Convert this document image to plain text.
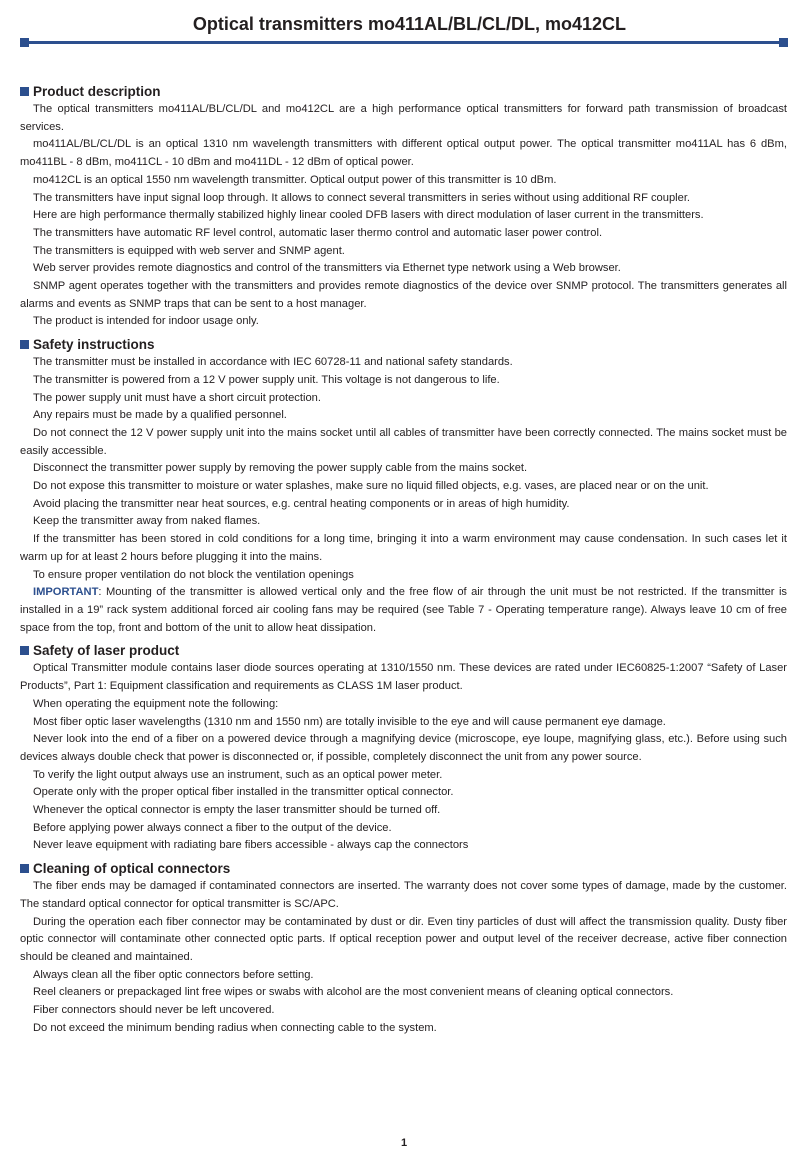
Optical transmitters mo411AL/BL/CL/DL, mo412CL
Product description

The optical transmitters mo411AL/BL/CL/DL and mo412CL are a high performance optical transmitters for forward path transmission of broadcast services.

mo411AL/BL/CL/DL is an optical 1310 nm wavelength transmitters with different optical output power. The optical transmitter mo411AL has 6 dBm, mo411BL - 8 dBm, mo411CL - 10 dBm and mo411DL - 12 dBm of optical power.

mo412CL is an optical 1550 nm wavelength transmitter. Optical output power of this transmitter is 10 dBm.

The transmitters have input signal loop through. It allows to connect several transmitters in series without using additional RF coupler.

Here are high performance thermally stabilized highly linear cooled DFB lasers with direct modulation of laser current in the transmitters.

The transmitters have automatic RF level control, automatic laser thermo control and automatic laser power control.

The transmitters is equipped with web server and SNMP agent.

Web server provides remote diagnostics and control of the transmitters via Ethernet type network using a Web browser.

SNMP agent operates together with the transmitters and provides remote diagnostics of the device over SNMP protocol. The transmitters generates all alarms and events as SNMP traps that can be sent to a host manager.

The product is intended for indoor usage only.

Safety instructions

The transmitter must be installed in accordance with IEC 60728-11 and national safety standards.

The transmitter is powered from a 12 V power supply unit. This voltage is not dangerous to life.

The power supply unit must have a short circuit protection.

Any repairs must be made by a qualified personnel.

Do not connect the 12 V power supply unit into the mains socket until all cables of transmitter have been correctly connected. The mains socket must be easily accessible.

Disconnect the transmitter power supply by removing the power supply cable from the mains socket.

Do not expose this transmitter to moisture or water splashes, make sure no liquid filled objects, e.g. vases, are placed near or on the unit.

Avoid placing the transmitter near heat sources, e.g. central heating components or in areas of high humidity.

Keep the transmitter away from naked flames.

If the transmitter has been stored in cold conditions for a long time, bringing it into a warm environment may cause condensation. In such cases let it warm up for at least 2 hours before plugging it into the mains.

To ensure proper ventilation do not block the ventilation openings

IMPORTANT: Mounting of the transmitter is allowed vertical only and the free flow of air through the unit must be not restricted. If the transmitter is installed in a 19” rack system additional forced air cooling fans may be required (see Table 7 - Operating temperature range). Always leave 10 cm of free space from the top, front and bottom of the unit to allow heat dissipation.

Safety of laser product

Optical Transmitter module contains laser diode sources operating at 1310/1550 nm. These devices are rated under IEC60825-1:2007 “Safety of Laser Products”, Part 1: Equipment classification and requirements as CLASS 1M laser product.

When operating the equipment note the following:

Most fiber optic laser wavelengths (1310 nm and 1550 nm) are totally invisible to the eye and will cause permanent eye damage.

Never look into the end of a fiber on a powered device through a magnifying device (microscope, eye loupe, magnifying glass, etc.). Before using such devices always double check that power is disconnected or, if possible, completely disconnect the unit from any power source.

To verify the light output always use an instrument, such as an optical power meter.

Operate only with the proper optical fiber installed in the transmitter optical connector.

Whenever the optical connector is empty the laser transmitter should be turned off.

Before applying power always connect a fiber to the output of the device.

Never leave equipment with radiating bare fibers accessible - always cap the connectors

Cleaning of optical connectors

The fiber ends may be damaged if contaminated connectors are inserted. The warranty does not cover some types of damage, made by the customer. The standard optical connector for optical transmitter is SC/APC.

During the operation each fiber connector may be contaminated by dust or dir. Even tiny particles of dust will affect the transmission quality. Dusty fiber optic connector will contaminate other connected optic parts. If optical reception power and output level of the receiver decrease, active fiber connection should be cleaned and maintained.

Always clean all the fiber optic connectors before setting.

Reel cleaners or prepackaged lint free wipes or swabs with alcohol are the most convenient means of cleaning optical connectors.

Fiber connectors should never be left uncovered.

Do not exceed the minimum bending radius when connecting cable to the system.

1
